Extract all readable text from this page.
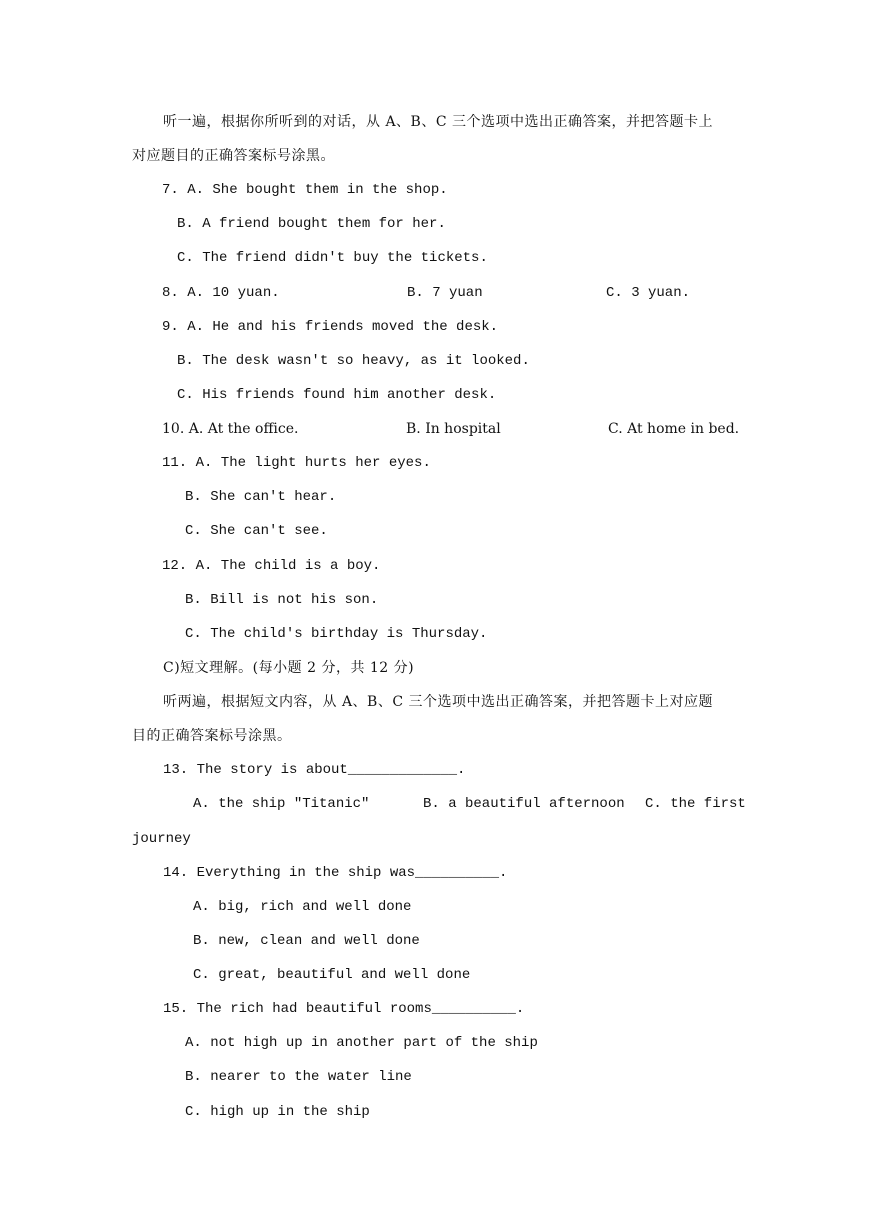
听一遍，根据你所听到的对话，从 A、B、C 三个选项中选出正确答案，并把答题卡上
对应题目的正确答案标号涂黑。
7. A. She bought them in the shop.
B. A friend bought them for her.
C. The friend didn't buy the tickets.
8. A. 10 yuan.	B. 7 yuan	C. 3 yuan.
9. A. He and his friends moved the desk.
B. The desk wasn't so heavy, as it looked.
C. His friends found him another desk.
10. A. At the office.	B. In hospital	C. At home in bed.
11. A. The light hurts her eyes.
B. She can't hear.
C. She can't see.
12. A. The child is a boy.
B. Bill is not his son.
C. The child's birthday is Thursday.
C)短文理解。(每小题 2 分，共 12 分)
听两遍，根据短文内容，从 A、B、C 三个选项中选出正确答案，并把答题卡上对应题
目的正确答案标号涂黑。
13. The story is about_____________.
A. the ship "Titanic"	B. a beautiful afternoon C. the first
journey
14. Everything in the ship was__________.
A. big, rich and well done
B. new, clean and well done
C. great, beautiful and well done
15. The rich had beautiful rooms__________.
A. not high up in another part of the ship
B. nearer to the water line
C. high up in the ship
